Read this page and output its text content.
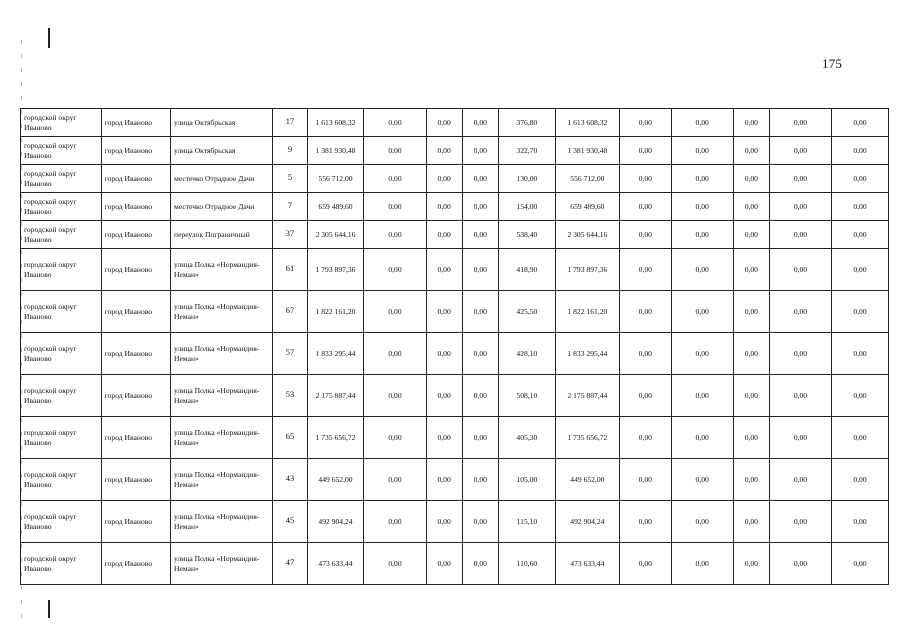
175
городской округ Иваново	город Иваново	улица Октябрьская	17	1 613 608,32	0,00	0,00	0,00	376,80	1 613 608,32	0,00	0,00	0,00	0,00	0,00
городской округ Иваново	город Иваново	улица Октябрьская	9	1 381 930,48	0,00	0,00	0,00	322,70	1 381 930,48	0,00	0,00	0,00	0,00	0,00
городской округ Иваново	город Иваново	местечко Отрадное Дачи	5	556 712,00	0,00	0,00	0,00	130,00	556 712,00	0,00	0,00	0,00	0,00	0,00
городской округ Иваново	город Иваново	местечко Отрадное Дачи	7	659 489,60	0,00	0,00	0,00	154,00	659 489,60	0,00	0,00	0,00	0,00	0,00
городской округ Иваново	город Иваново	переулок Пограничный	37	2 305 644,16	0,00	0,00	0,00	538,40	2 305 644,16	0,00	0,00	0,00	0,00	0,00
городской округ Иваново	город Иваново	улица Полка «Нормандия-Неман»	61	1 793 897,36	0,00	0,00	0,00	418,90	1 793 897,36	0,00	0,00	0,00	0,00	0,00
городской округ Иваново	город Иваново	улица Полка «Нормандия-Неман»	67	1 822 161,20	0,00	0,00	0,00	425,50	1 822 161,20	0,00	0,00	0,00	0,00	0,00
городской округ Иваново	город Иваново	улица Полка «Нормандия-Неман»	57	1 833 295,44	0,00	0,00	0,00	428,10	1 833 295,44	0,00	0,00	0,00	0,00	0,00
городской округ Иваново	город Иваново	улица Полка «Нормандия-Неман»	53	2 175 887,44	0,00	0,00	0,00	508,10	2 175 887,44	0,00	0,00	0,00	0,00	0,00
городской округ Иваново	город Иваново	улица Полка «Нормандия-Неман»	65	1 735 656,72	0,00	0,00	0,00	405,30	1 735 656,72	0,00	0,00	0,00	0,00	0,00
городской округ Иваново	город Иваново	улица Полка «Нормандия-Неман»	43	449 652,00	0,00	0,00	0,00	105,00	449 652,00	0,00	0,00	0,00	0,00	0,00
городской округ Иваново	город Иваново	улица Полка «Нормандия-Неман»	45	492 904,24	0,00	0,00	0,00	115,10	492 904,24	0,00	0,00	0,00	0,00	0,00
городской округ Иваново	город Иваново	улица Полка «Нормандия-Неман»	47	473 633,44	0,00	0,00	0,00	110,60	473 633,44	0,00	0,00	0,00	0,00	0,00
